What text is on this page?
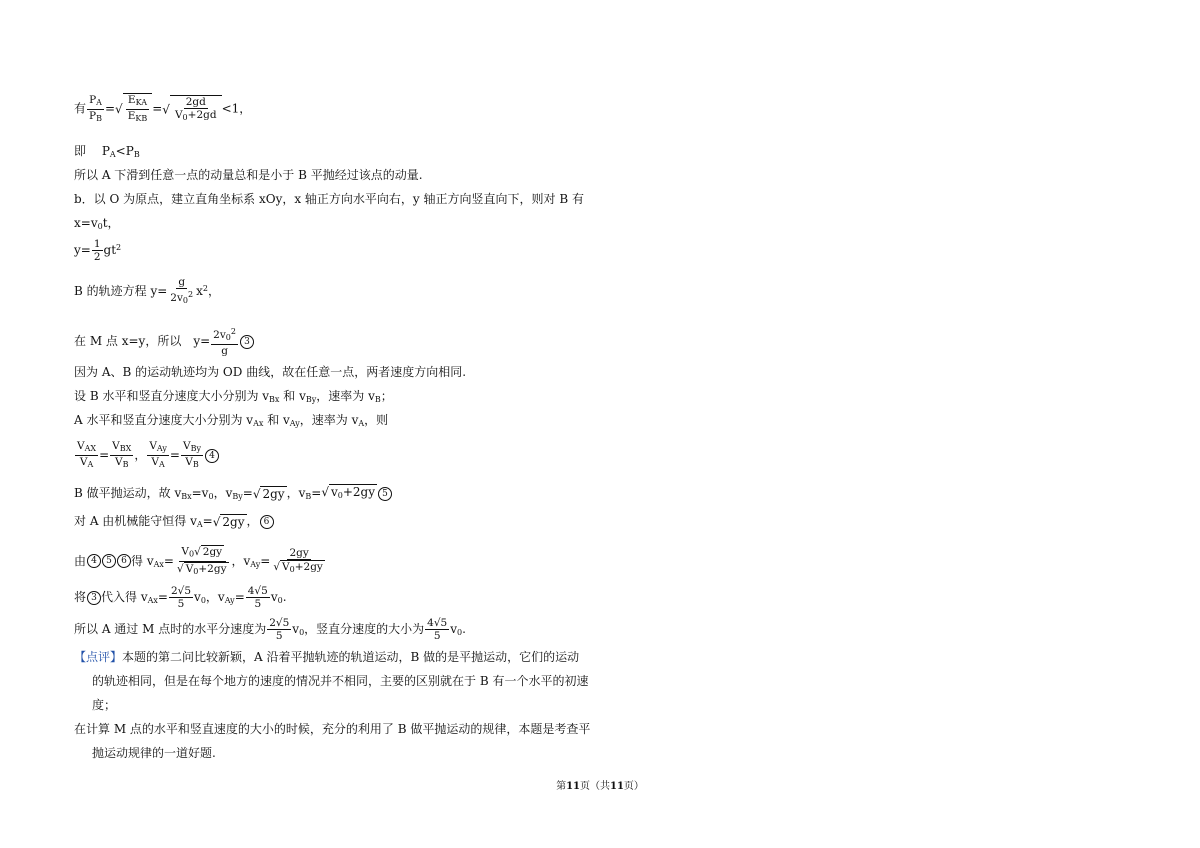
有 $\frac{P_A}{P_B}$ =√ $\frac{E_{KA}}{E_{KB}}$ =√ $\frac{2gd}{V_0+2gd} <1$，
即　 $P_A<P_B$
所以 A 下滑到任意一点的动量总和是小于 B 平抛经过该点的动量.
b．以 O 为原点，建立直角坐标系 xOy，x 轴正方向水平向右，y 轴正方向竖直向下，则对 B 有
$x=v_0t$，
$y= \frac{1}{2} gt^2$
B 的轨迹方程 $y= \frac{g}{2v_0^2} x^2$，
在 M 点 x=y，所以　$y= \frac{2v_0^2}{g} 3$
因为 A、B 的运动轨迹均为 OD 曲线，故在任意一点，两者速度方向相同.
设 B 水平和竖直分速度大小分别为 $v_{Bx}$ 和 $v_{By}$，速率为 $v_B$；
A 水平和竖直分速度大小分别为 $v_{Ax}$ 和 $v_{Ay}$，速率为 $v_A$，则
$\frac{V_{AX}}{V_A} = \frac{V_{BX}}{V_B}$ ， $\frac{V_{Ay}}{V_A} = \frac{V_{By}}{V_B} 4$
B 做平抛运动，故 $v_{Bx}=v_0$，$v_{By}=√$ 2gy ，$v_B=√$ $v_0+2gy$ 5
对 A 由机械能守恒得 $v_A=√$ 2gy ， 6
由 4 5 6 得 $v_{Ax}= \frac{V_0√ 2gy}{√ V_0+2gy}$ ，$v_{Ay}= \frac{2gy}{√ V_0+2gy}$
将 3 代入得 $v_{Ax}= \frac{2√5}{5} v_0$，$v_{Ay}= \frac{4√5}{5} v_0$.
所以 A 通过 M 点时的水平分速度为 $\frac{2√5}{5} v_0$，竖直分速度的大小为 $\frac{4√5}{5} v_0$.
【点评】本题的第二问比较新颖，A 沿着平抛轨迹的轨道运动，B 做的是平抛运动，它们的运动
的轨迹相同，但是在每个地方的速度的情况并不相同，主要的区别就在于 B 有一个水平的初速
度；
在计算 M 点的水平和竖直速度的大小的时候，充分的利用了 B 做平抛运动的规律，本题是考查平
抛运动规律的一道好题.
第11页（共11页）
